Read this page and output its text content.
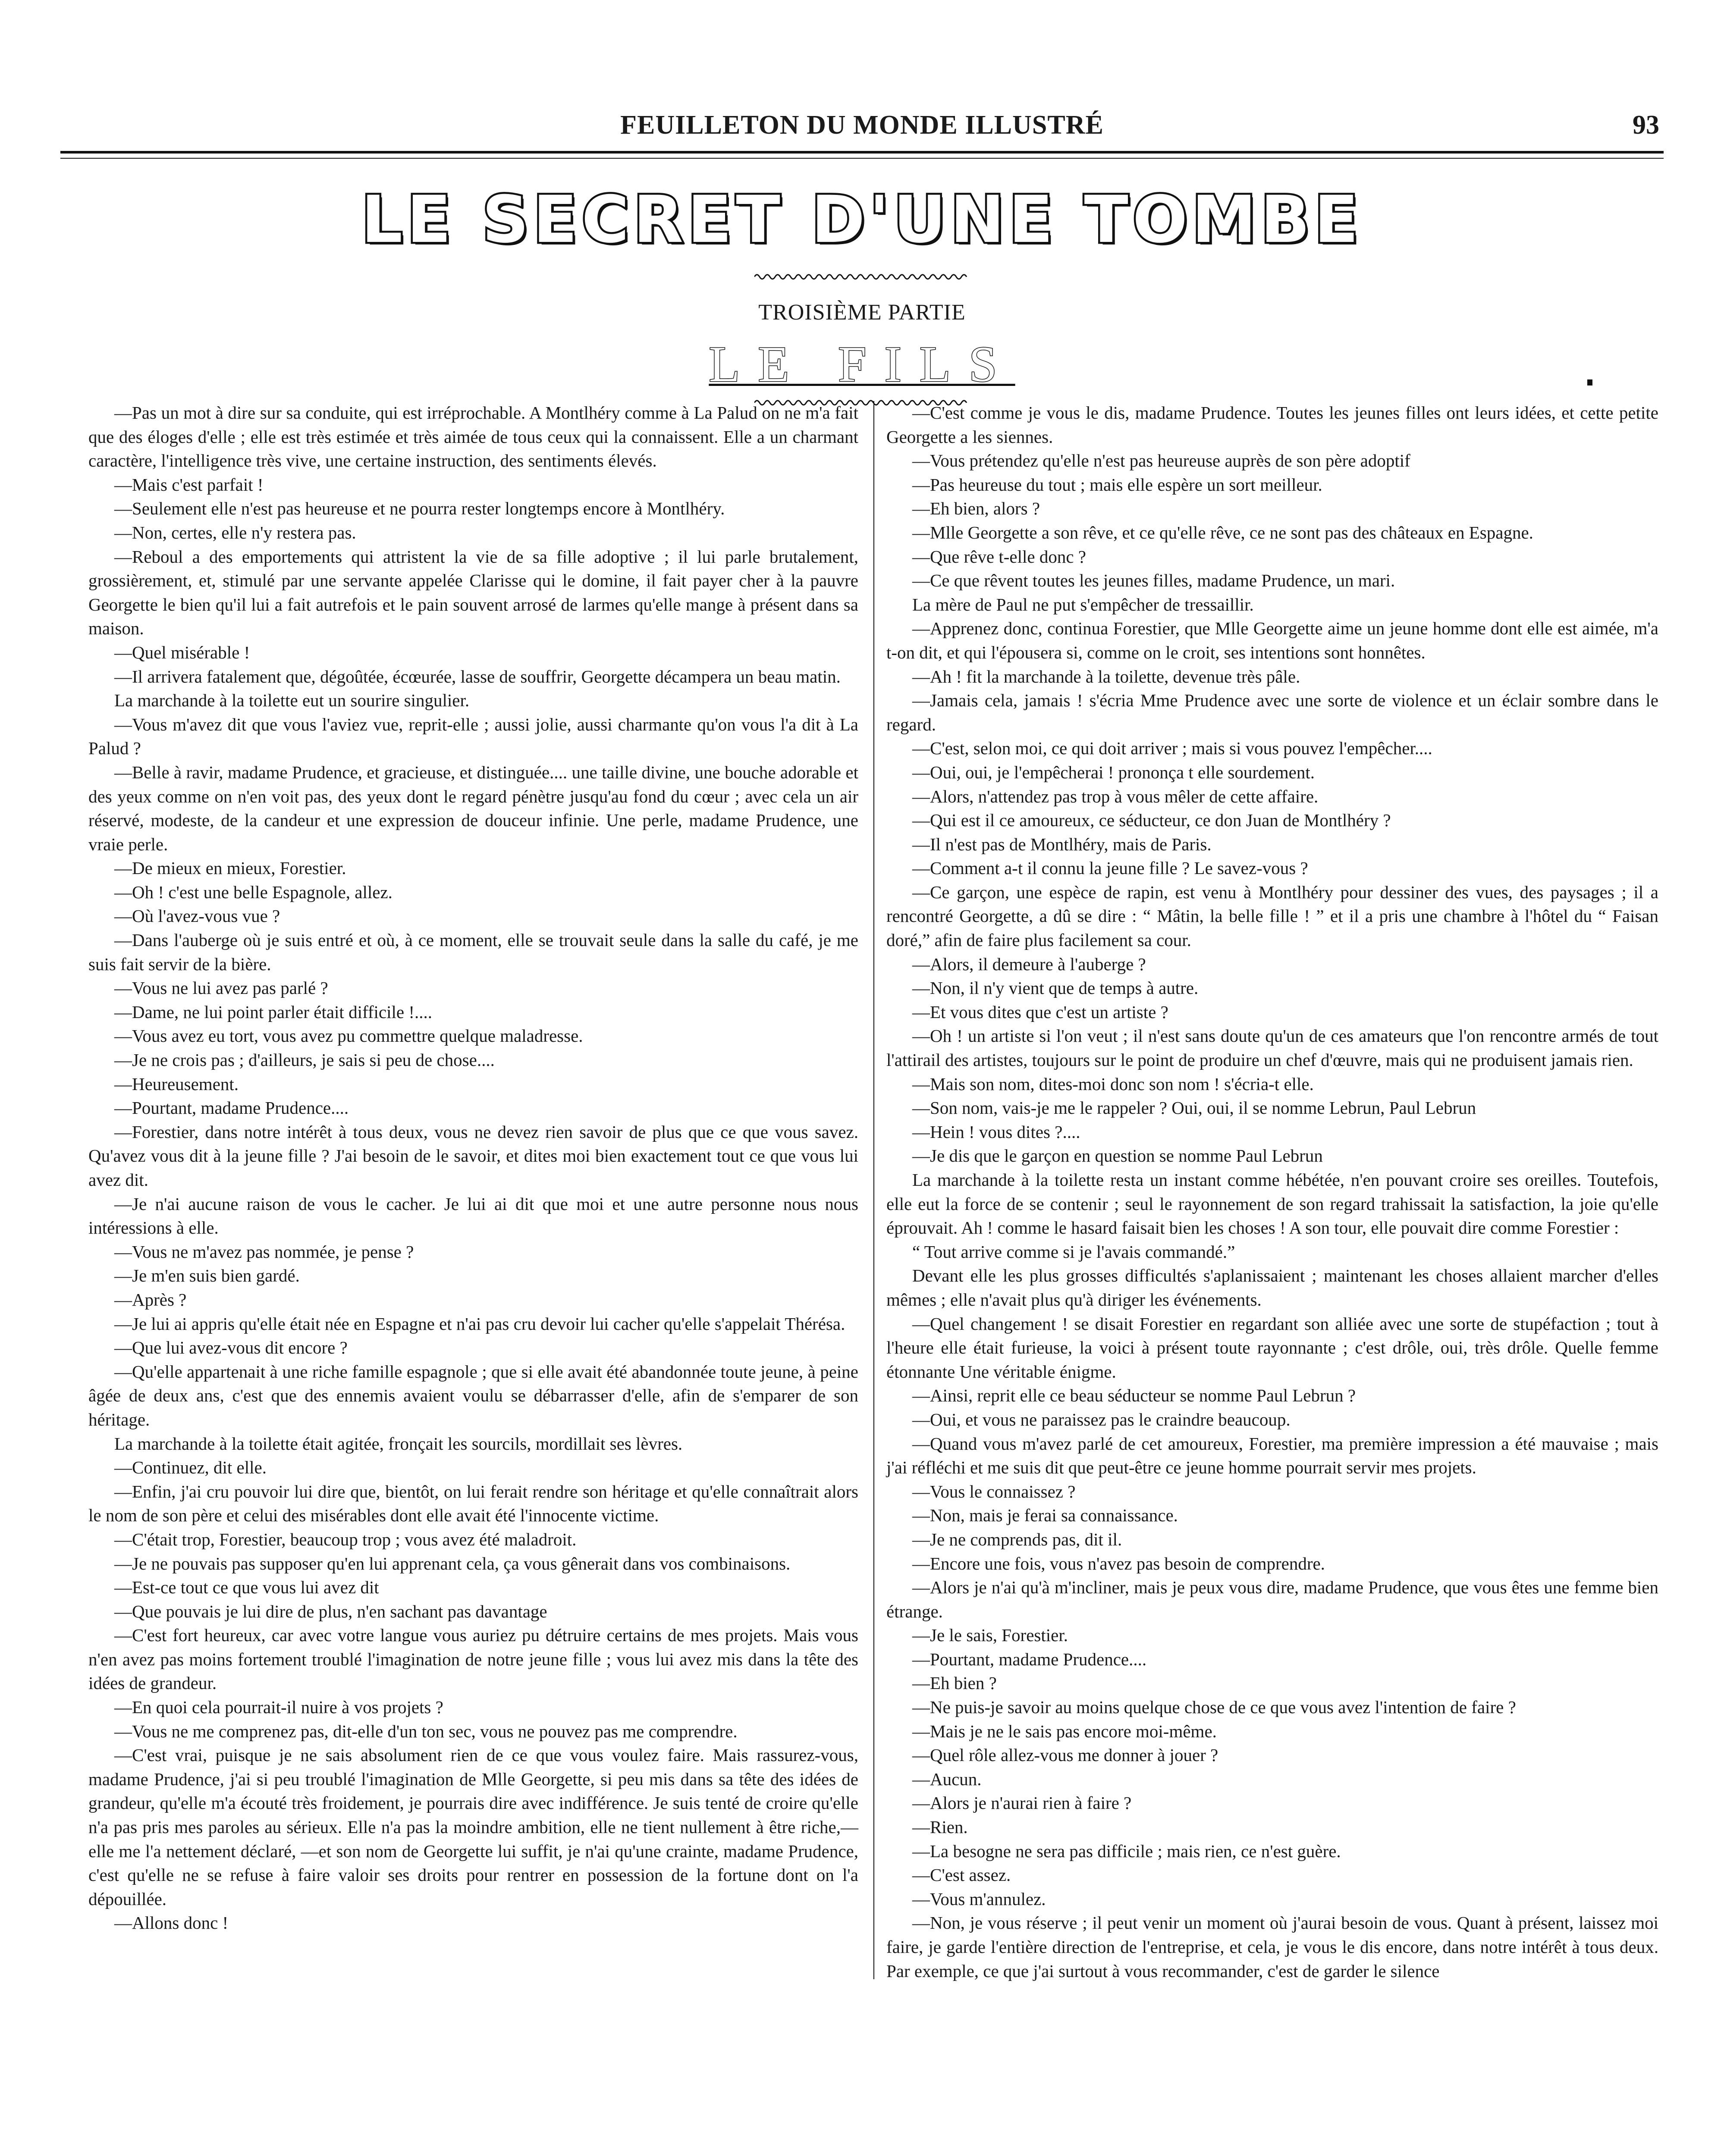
FEUILLETON DU MONDE ILLUSTRÉ	93
LE SECRET D'UNE TOMBE
TROISIÈME PARTIE
LE FILS

—Pas un mot à dire sur sa conduite, qui est irréprochable. A Montlhéry comme à La Palud on ne m'a fait que des éloges d'elle ; elle est très estimée et très aimée de tous ceux qui la connaissent. Elle a un charmant caractère, l'intelligence très vive, une certaine instruction, des sentiments élevés.

—Mais c'est parfait !

—Seulement elle n'est pas heureuse et ne pourra rester longtemps encore à Montlhéry.

—Non, certes, elle n'y restera pas.

—Reboul a des emportements qui attristent la vie de sa fille adoptive ; il lui parle brutalement, grossièrement, et, stimulé par une servante appelée Clarisse qui le domine, il fait payer cher à la pauvre Georgette le bien qu'il lui a fait autrefois et le pain souvent arrosé de larmes qu'elle mange à présent dans sa maison.

—Quel misérable !

—Il arrivera fatalement que, dégoûtée, écœurée, lasse de souffrir, Georgette décampera un beau matin.

La marchande à la toilette eut un sourire singulier.

—Vous m'avez dit que vous l'aviez vue, reprit-elle ; aussi jolie, aussi charmante qu'on vous l'a dit à La Palud ?

—Belle à ravir, madame Prudence, et gracieuse, et distinguée.... une taille divine, une bouche adorable et des yeux comme on n'en voit pas, des yeux dont le regard pénètre jusqu'au fond du cœur ; avec cela un air réservé, modeste, de la candeur et une expression de douceur infinie. Une perle, madame Prudence, une vraie perle.

—De mieux en mieux, Forestier.

—Oh ! c'est une belle Espagnole, allez.

—Où l'avez-vous vue ?

—Dans l'auberge où je suis entré et où, à ce moment, elle se trouvait seule dans la salle du café, je me suis fait servir de la bière.

—Vous ne lui avez pas parlé ?

—Dame, ne lui point parler était difficile !....

—Vous avez eu tort, vous avez pu commettre quelque maladresse.

—Je ne crois pas ; d'ailleurs, je sais si peu de chose....

—Heureusement.

—Pourtant, madame Prudence....

—Forestier, dans notre intérêt à tous deux, vous ne devez rien savoir de plus que ce que vous savez. Qu'avez vous dit à la jeune fille ? J'ai besoin de le savoir, et dites moi bien exactement tout ce que vous lui avez dit.

—Je n'ai aucune raison de vous le cacher. Je lui ai dit que moi et une autre personne nous nous intéressions à elle.

—Vous ne m'avez pas nommée, je pense ?

—Je m'en suis bien gardé.

—Après ?

—Je lui ai appris qu'elle était née en Espagne et n'ai pas cru devoir lui cacher qu'elle s'appelait Thérésa.

—Que lui avez-vous dit encore ?

—Qu'elle appartenait à une riche famille espagnole ; que si elle avait été abandonnée toute jeune, à peine âgée de deux ans, c'est que des ennemis avaient voulu se débarrasser d'elle, afin de s'emparer de son héritage.

La marchande à la toilette était agitée, fronçait les sourcils, mordillait ses lèvres.

—Continuez, dit elle.

—Enfin, j'ai cru pouvoir lui dire que, bientôt, on lui ferait rendre son héritage et qu'elle connaîtrait alors le nom de son père et celui des misérables dont elle avait été l'innocente victime.

—C'était trop, Forestier, beaucoup trop ; vous avez été maladroit.

—Je ne pouvais pas supposer qu'en lui apprenant cela, ça vous gênerait dans vos combinaisons.

—Est-ce tout ce que vous lui avez dit

—Que pouvais je lui dire de plus, n'en sachant pas davantage

—C'est fort heureux, car avec votre langue vous auriez pu détruire certains de mes projets. Mais vous n'en avez pas moins fortement troublé l'imagination de notre jeune fille ; vous lui avez mis dans la tête des idées de grandeur.

—En quoi cela pourrait-il nuire à vos projets ?

—Vous ne me comprenez pas, dit-elle d'un ton sec, vous ne pouvez pas me comprendre.

—C'est vrai, puisque je ne sais absolument rien de ce que vous voulez faire. Mais rassurez-vous, madame Prudence, j'ai si peu troublé l'imagination de Mlle Georgette, si peu mis dans sa tête des idées de grandeur, qu'elle m'a écouté très froidement, je pourrais dire avec indifférence. Je suis tenté de croire qu'elle n'a pas pris mes paroles au sérieux. Elle n'a pas la moindre ambition, elle ne tient nullement à être riche,—elle me l'a nettement déclaré, —et son nom de Georgette lui suffit, je n'ai qu'une crainte, madame Prudence, c'est qu'elle ne se refuse à faire valoir ses droits pour rentrer en possession de la fortune dont on l'a dépouillée.

—Allons donc !

—C'est comme je vous le dis, madame Prudence. Toutes les jeunes filles ont leurs idées, et cette petite Georgette a les siennes.

—Vous prétendez qu'elle n'est pas heureuse auprès de son père adoptif

—Pas heureuse du tout ; mais elle espère un sort meilleur.

—Eh bien, alors ?

—Mlle Georgette a son rêve, et ce qu'elle rêve, ce ne sont pas des châteaux en Espagne.

—Que rêve t-elle donc ?

—Ce que rêvent toutes les jeunes filles, madame Prudence, un mari.

La mère de Paul ne put s'empêcher de tressaillir.

—Apprenez donc, continua Forestier, que Mlle Georgette aime un jeune homme dont elle est aimée, m'a t-on dit, et qui l'épousera si, comme on le croit, ses intentions sont honnêtes.

—Ah ! fit la marchande à la toilette, devenue très pâle.

—Jamais cela, jamais ! s'écria Mme Prudence avec une sorte de violence et un éclair sombre dans le regard.

—C'est, selon moi, ce qui doit arriver ; mais si vous pouvez l'empêcher....

—Oui, oui, je l'empêcherai ! prononça t elle sourdement.

—Alors, n'attendez pas trop à vous mêler de cette affaire.

—Qui est il ce amoureux, ce séducteur, ce don Juan de Montlhéry ?

—Il n'est pas de Montlhéry, mais de Paris.

—Comment a-t il connu la jeune fille ? Le savez-vous ?

—Ce garçon, une espèce de rapin, est venu à Montlhéry pour dessiner des vues, des paysages ; il a rencontré Georgette, a dû se dire : “ Mâtin, la belle fille ! ” et il a pris une chambre à l'hôtel du “ Faisan doré,” afin de faire plus facilement sa cour.

—Alors, il demeure à l'auberge ?

—Non, il n'y vient que de temps à autre.

—Et vous dites que c'est un artiste ?

—Oh ! un artiste si l'on veut ; il n'est sans doute qu'un de ces amateurs que l'on rencontre armés de tout l'attirail des artistes, toujours sur le point de produire un chef d'œuvre, mais qui ne produisent jamais rien.

—Mais son nom, dites-moi donc son nom ! s'écria-t elle.

—Son nom, vais-je me le rappeler ? Oui, oui, il se nomme Lebrun, Paul Lebrun

—Hein ! vous dites ?....

—Je dis que le garçon en question se nomme Paul Lebrun

La marchande à la toilette resta un instant comme hébétée, n'en pouvant croire ses oreilles. Toutefois, elle eut la force de se contenir ; seul le rayonnement de son regard trahissait la satisfaction, la joie qu'elle éprouvait. Ah ! comme le hasard faisait bien les choses ! A son tour, elle pouvait dire comme Forestier :

“ Tout arrive comme si je l'avais commandé.”

Devant elle les plus grosses difficultés s'aplanissaient ; maintenant les choses allaient marcher d'elles mêmes ; elle n'avait plus qu'à diriger les événements.

—Quel changement ! se disait Forestier en regardant son alliée avec une sorte de stupéfaction ; tout à l'heure elle était furieuse, la voici à présent toute rayonnante ; c'est drôle, oui, très drôle. Quelle femme étonnante Une véritable énigme.

—Ainsi, reprit elle ce beau séducteur se nomme Paul Lebrun ?

—Oui, et vous ne paraissez pas le craindre beaucoup.

—Quand vous m'avez parlé de cet amoureux, Forestier, ma première impression a été mauvaise ; mais j'ai réfléchi et me suis dit que peut-être ce jeune homme pourrait servir mes projets.

—Vous le connaissez ?

—Non, mais je ferai sa connaissance.

—Je ne comprends pas, dit il.

—Encore une fois, vous n'avez pas besoin de comprendre.

—Alors je n'ai qu'à m'incliner, mais je peux vous dire, madame Prudence, que vous êtes une femme bien étrange.

—Je le sais, Forestier.

—Pourtant, madame Prudence....

—Eh bien ?

—Ne puis-je savoir au moins quelque chose de ce que vous avez l'intention de faire ?

—Mais je ne le sais pas encore moi-même.

—Quel rôle allez-vous me donner à jouer ?

—Aucun.

—Alors je n'aurai rien à faire ?

—Rien.

—La besogne ne sera pas difficile ; mais rien, ce n'est guère.

—C'est assez.

—Vous m'annulez.

—Non, je vous réserve ; il peut venir un moment où j'aurai besoin de vous. Quant à présent, laissez moi faire, je garde l'entière direction de l'entreprise, et cela, je vous le dis encore, dans notre intérêt à tous deux. Par exemple, ce que j'ai surtout à vous recommander, c'est de garder le silence
